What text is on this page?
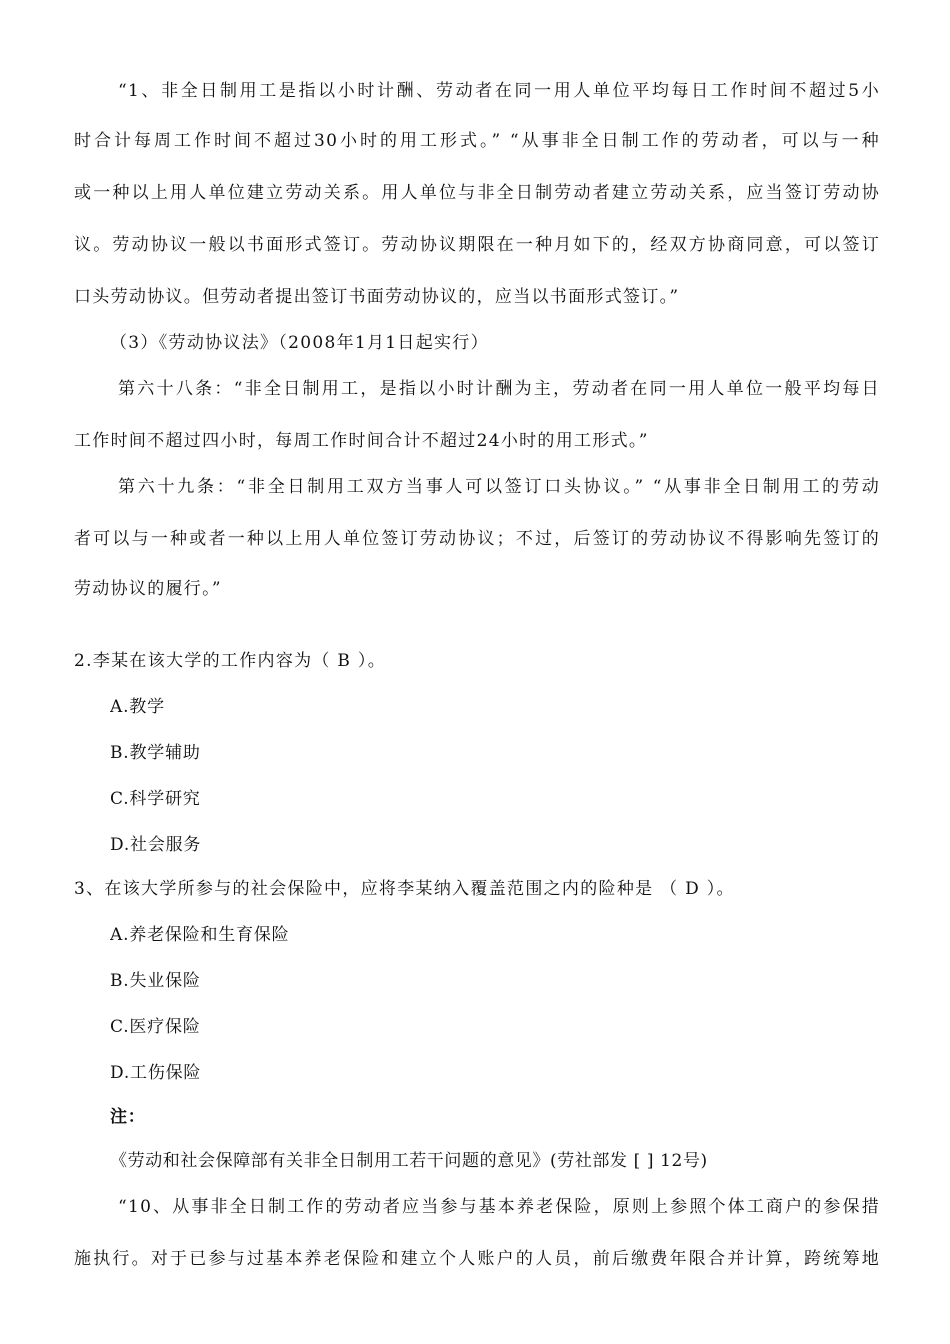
“1、非全日制用工是指以小时计酬、劳动者在同一用人单位平均每日工作时间不超过5小
时合计每周工作时间不超过30小时的用工形式。” “从事非全日制工作的劳动者，可以与一种
或一种以上用人单位建立劳动关系。用人单位与非全日制劳动者建立劳动关系，应当签订劳动协
议。劳动协议一般以书面形式签订。劳动协议期限在一种月如下的，经双方协商同意，可以签订
口头劳动协议。但劳动者提出签订书面劳动协议的，应当以书面形式签订。”
（3）《劳动协议法》（2008年1月1日起实行）
第六十八条：“非全日制用工，是指以小时计酬为主，劳动者在同一用人单位一般平均每日
工作时间不超过四小时，每周工作时间合计不超过24小时的用工形式。”
第六十九条：“非全日制用工双方当事人可以签订口头协议。” “从事非全日制用工的劳动
者可以与一种或者一种以上用人单位签订劳动协议；不过，后签订的劳动协议不得影响先签订的
劳动协议的履行。”
2.李某在该大学的工作内容为（ B ）。
A.教学
B.教学辅助
C.科学研究
D.社会服务
3、在该大学所参与的社会保险中，应将李某纳入覆盖范围之内的险种是 （ D ）。
A.养老保险和生育保险
B.失业保险
C.医疗保险
D.工伤保险
注：
《劳动和社会保障部有关非全日制用工若干问题的意见》(劳社部发 [ ] 12号)
“10、从事非全日制工作的劳动者应当参与基本养老保险，原则上参照个体工商户的参保措
施执行。对于已参与过基本养老保险和建立个人账户的人员，前后缴费年限合并计算，跨统筹地
